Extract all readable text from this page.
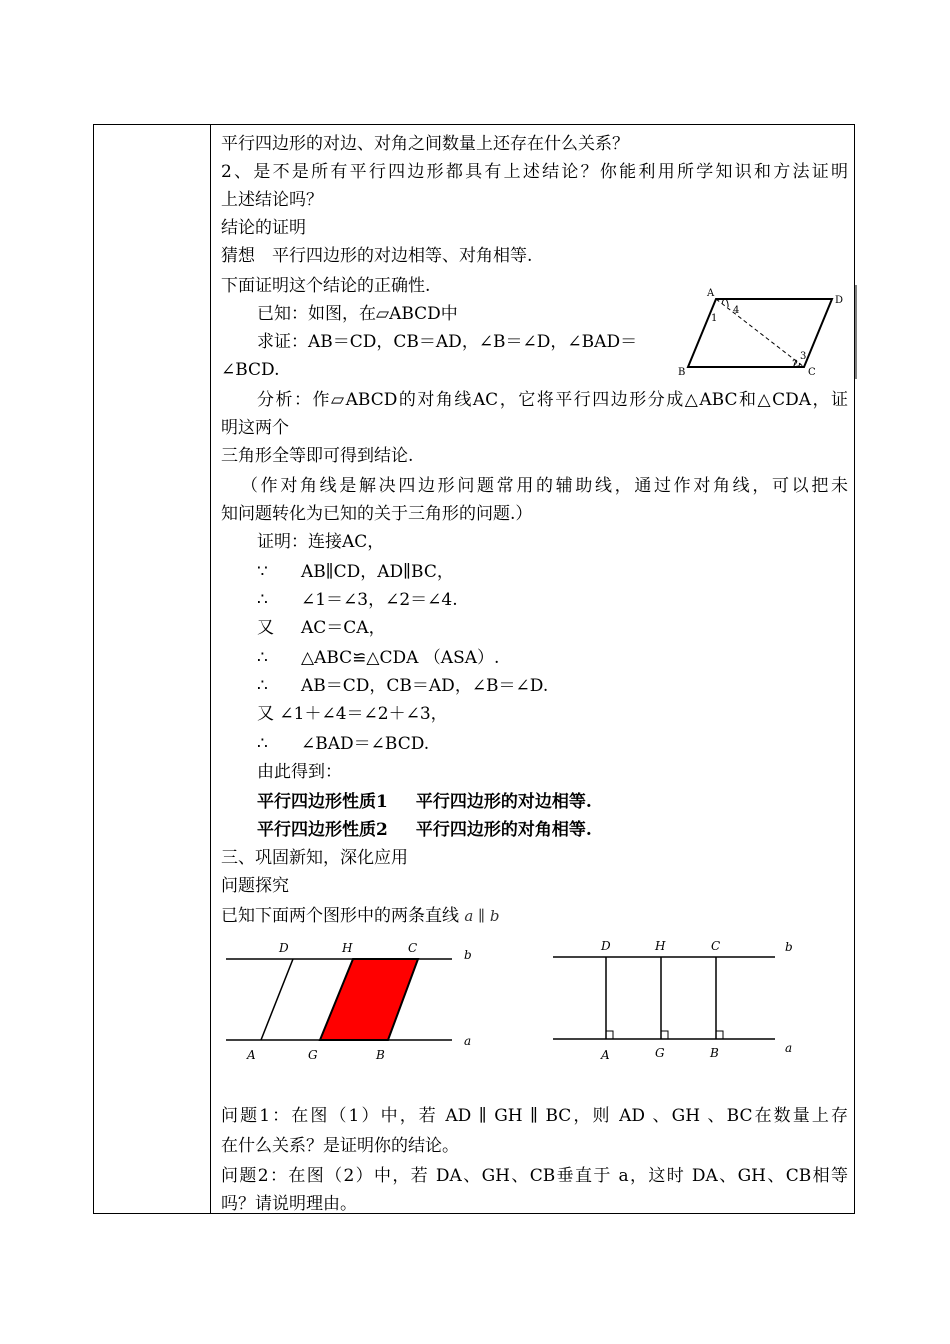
平行四边形的对边、对角之间数量上还存在什么关系？
2、是不是所有平行四边形都具有上述结论？你能利用所学知识和方法证明
上述结论吗？
结论的证明
猜想　平行四边形的对边相等、对角相等.
下面证明这个结论的正确性.
已知：如图，在▱ABCD中
求证：AB＝CD，CB＝AD，∠B＝∠D，∠BAD＝
∠BCD.
分析：作▱ABCD的对角线AC，它将平行四边形分成△ABC和△CDA，证
明这两个
三角形全等即可得到结论.
（作对角线是解决四边形问题常用的辅助线，通过作对角线，可以把未
知问题转化为已知的关于三角形的问题.）
证明：连接AC，
∵ AB∥CD，AD∥BC，
∴ ∠1＝∠3，∠2＝∠4.
又 AC＝CA，
∴ △ABC≌△CDA （ASA）.
∴ AB＝CD，CB＝AD，∠B＝∠D.
又 ∠1＋∠4＝∠2＋∠3，
∴ ∠BAD＝∠BCD.
由此得到：
平行四边形性质1 平行四边形的对边相等.
平行四边形性质2 平行四边形的对角相等.
三、巩固新知，深化应用
问题探究
已知下面两个图形中的两条直线 a ∥ b
问题1：在图（1）中，若 AD ∥ GH ∥ BC，则 AD 、GH 、BC在数量上存
在什么关系？是证明你的结论。
问题2：在图（2）中，若 DA、GH、CB垂直于 a，这时 DA、GH、CB相等
吗？请说明理由。
A
D
B	C
1
4
2
3
D	H	C	b
A	G	B
a
D	H	C	b
A	G	B	a
